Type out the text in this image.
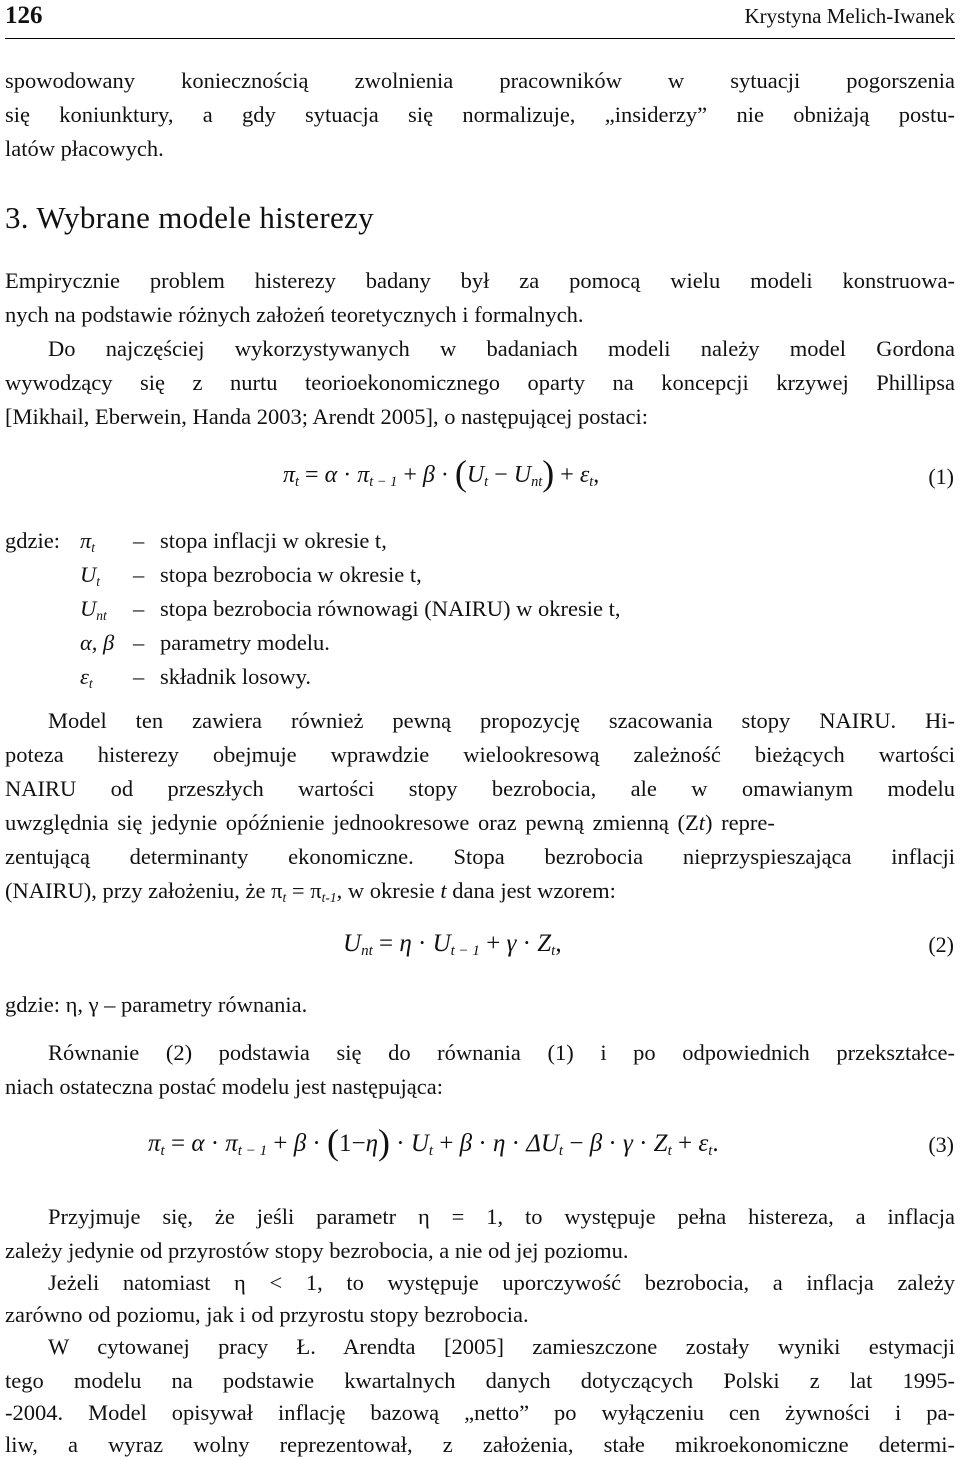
126	Krystyna Melich-Iwanek
spowodowany koniecznością zwolnienia pracowników w sytuacji pogorszenia
się koniunktury, a gdy sytuacja się normalizuje, „insiderzy” nie obniżają postu-
latów płacowych.
3. Wybrane modele histerezy
Empirycznie problem histerezy badany był za pomocą wielu modeli konstruowa-
nych na podstawie różnych założeń teoretycznych i formalnych.
Do najczęściej wykorzystywanych w badaniach modeli należy model Gordona
wywodzący się z nurtu teorioekonomicznego oparty na koncepcji krzywej Phillipsa
[Mikhail, Eberwein, Handa 2003; Arendt 2005], o następującej postaci:
$\pi_t = \alpha \cdot \pi_{t - 1} + \beta \cdot (U_t - U_{nt}) + \varepsilon_t$,	(1)
gdzie: $\pi_t$ – stopa inflacji w okresie t,
$U_t$ – stopa bezrobocia w okresie t,
$U_{nt}$ – stopa bezrobocia równowagi (NAIRU) w okresie t,
α, β – parametry modelu.
$\varepsilon_t$ – składnik losowy.
Model ten zawiera również pewną propozycję szacowania stopy NAIRU. Hi-
poteza histerezy obejmuje wprawdzie wielookresową zależność bieżących wartości
NAIRU od przeszłych wartości stopy bezrobocia, ale w omawianym modelu
uwzględnia się jedynie opóźnienie jednookresowe oraz pewną zmienną (Zt) repre-
zentującą determinanty ekonomiczne. Stopa bezrobocia nieprzyspieszająca inflacji
(NAIRU), przy założeniu, że $\pi_t = \pi_{t-1}$, w okresie t dana jest wzorem:
$U_{nt} = \eta \cdot U_{t - 1} + \gamma \cdot Z_t$,	(2)
gdzie: η, γ – parametry równania.
Równanie (2) podstawia się do równania (1) i po odpowiednich przekształce-
niach ostateczna postać modelu jest następująca:
$\pi_t = \alpha \cdot \pi_{t - 1} + \beta \cdot (1-\eta) \cdot U_t + \beta \cdot \eta \cdot \Delta U_t - \beta \cdot \gamma \cdot Z_t + \varepsilon_t$.	(3)
Przyjmuje się, że jeśli parametr η = 1, to występuje pełna histereza, a inflacja
zależy jedynie od przyrostów stopy bezrobocia, a nie od jej poziomu.
Jeżeli natomiast η < 1, to występuje uporczywość bezrobocia, a inflacja zależy
zarówno od poziomu, jak i od przyrostu stopy bezrobocia.
W cytowanej pracy Ł. Arendta [2005] zamieszczone zostały wyniki estymacji
tego modelu na podstawie kwartalnych danych dotyczących Polski z lat 1995-
-2004. Model opisywał inflację bazową „netto” po wyłączeniu cen żywności i pa-
liw, a wyraz wolny reprezentował, z założenia, stałe mikroekonomiczne determi-
